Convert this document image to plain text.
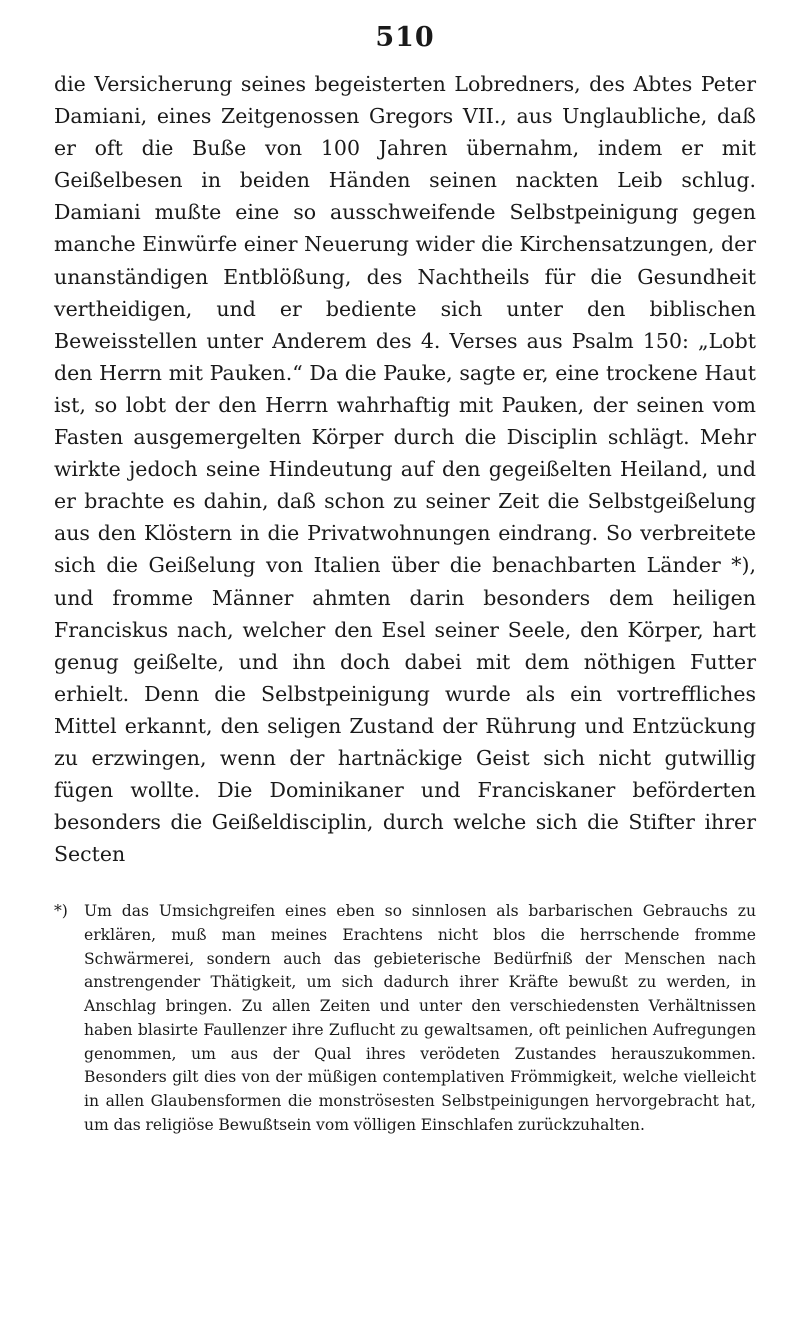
510

die Versicherung seines begeisterten Lobredners, des Abtes Peter Damiani, eines Zeitgenossen Gregors VII., aus Unglaubliche, daß er oft die Buße von 100 Jahren übernahm, indem er mit Geißelbesen in beiden Händen seinen nackten Leib schlug. Damiani mußte eine so ausschweifende Selbstpeinigung gegen manche Einwürfe einer Neuerung wider die Kirchensatzungen, der unanständigen Entblößung, des Nachtheils für die Gesundheit vertheidigen, und er bediente sich unter den biblischen Beweisstellen unter Anderem des 4. Verses aus Psalm 150: „Lobt den Herrn mit Pauken.“ Da die Pauke, sagte er, eine trockene Haut ist, so lobt der den Herrn wahrhaftig mit Pauken, der seinen vom Fasten ausgemergelten Körper durch die Disciplin schlägt. Mehr wirkte jedoch seine Hindeutung auf den gegeißelten Heiland, und er brachte es dahin, daß schon zu seiner Zeit die Selbstgeißelung aus den Klöstern in die Privatwohnungen eindrang. So verbreitete sich die Geißelung von Italien über die benachbarten Länder *), und fromme Männer ahmten darin besonders dem heiligen Franciskus nach, welcher den Esel seiner Seele, den Körper, hart genug geißelte, und ihn doch dabei mit dem nöthigen Futter erhielt. Denn die Selbstpeinigung wurde als ein vortreffliches Mittel erkannt, den seligen Zustand der Rührung und Entzückung zu erzwingen, wenn der hartnäckige Geist sich nicht gutwillig fügen wollte. Die Dominikaner und Franciskaner beförderten besonders die Geißeldisciplin, durch welche sich die Stifter ihrer Secten

*) Um das Umsichgreifen eines eben so sinnlosen als barbarischen Gebrauchs zu erklären, muß man meines Erachtens nicht blos die herrschende fromme Schwärmerei, sondern auch das gebieterische Bedürfniß der Menschen nach anstrengender Thätigkeit, um sich dadurch ihrer Kräfte bewußt zu werden, in Anschlag bringen. Zu allen Zeiten und unter den verschiedensten Verhältnissen haben blasirte Faullenzer ihre Zuflucht zu gewaltsamen, oft peinlichen Aufregungen genommen, um aus der Qual ihres verödeten Zustandes herauszukommen. Besonders gilt dies von der müßigen contemplativen Frömmigkeit, welche vielleicht in allen Glaubensformen die monströsesten Selbstpeinigungen hervorgebracht hat, um das religiöse Bewußtsein vom völligen Einschlafen zurückzuhalten.
